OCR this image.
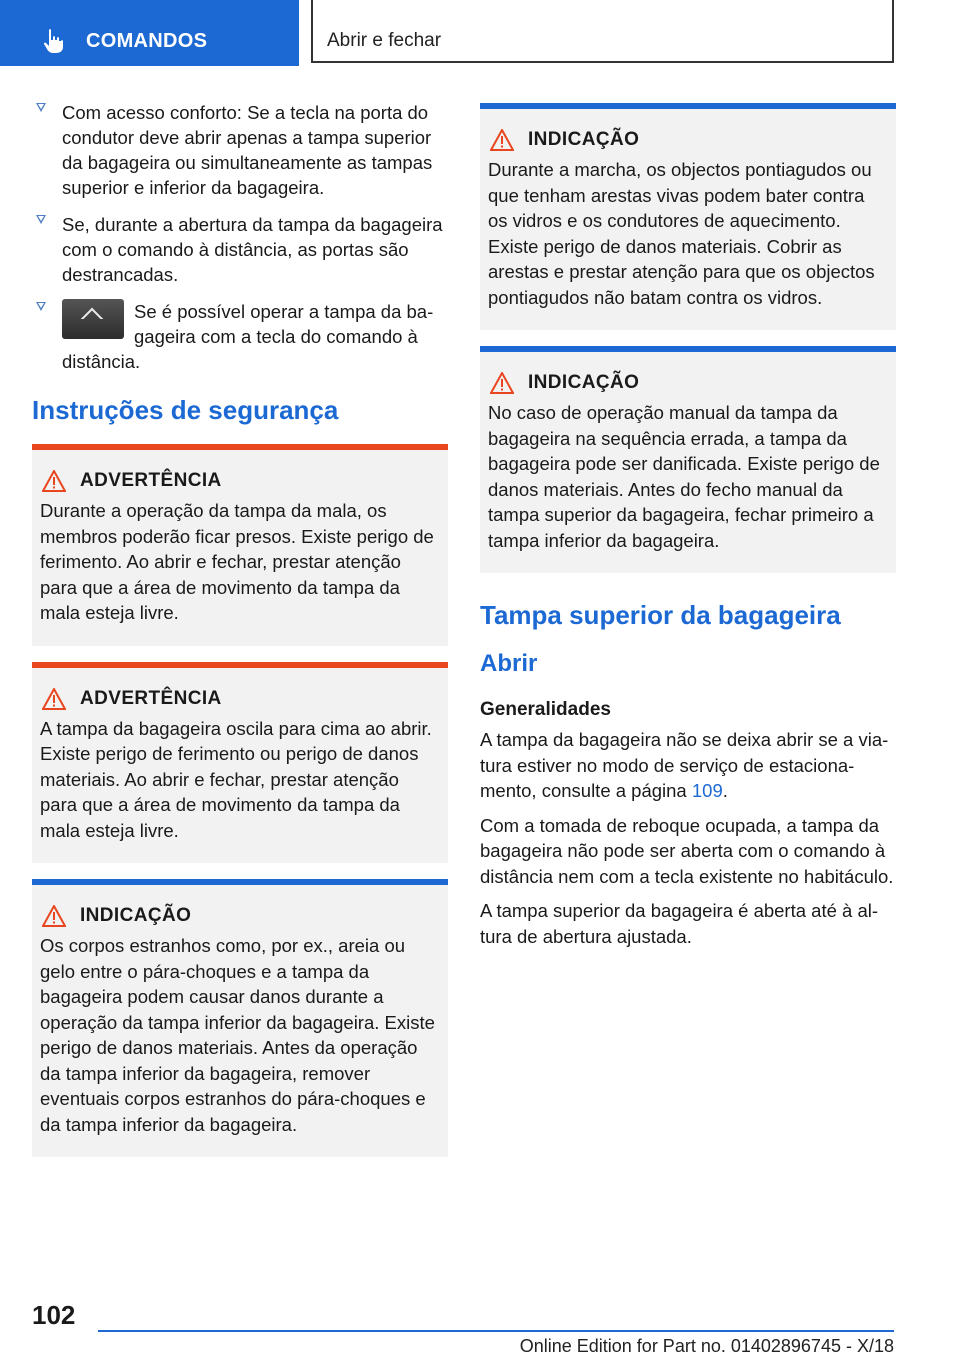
COMANDOS	Abrir e fechar
Com acesso conforto: Se a tecla na porta do condutor deve abrir apenas a tampa superior da bagageira ou simultaneamente as tampas superior e inferior da bagageira.
Se, durante a abertura da tampa da bagageira com o comando à distância, as portas são destrancadas.
Se é possível operar a tampa da ba-
gageira com a tecla do comando à
distância.
Instruções de segurança
ADVERTÊNCIA
Durante a operação da tampa da mala, os membros poderão ficar presos. Existe perigo de ferimento. Ao abrir e fechar, prestar atenção para que a área de movimento da tampa da mala esteja livre.
ADVERTÊNCIA
A tampa da bagageira oscila para cima ao abrir. Existe perigo de ferimento ou perigo de danos materiais. Ao abrir e fechar, prestar atenção para que a área de movimento da tampa da mala esteja livre.
INDICAÇÃO
Os corpos estranhos como, por ex., areia ou gelo entre o pára-choques e a tampa da bagageira podem causar danos durante a operação da tampa inferior da bagageira. Existe perigo de danos materiais. Antes da operação da tampa inferior da bagageira, remover eventuais corpos estranhos do pára-choques e da tampa inferior da bagageira.
INDICAÇÃO
Durante a marcha, os objectos pontiagudos ou que tenham arestas vivas podem bater contra os vidros e os condutores de aquecimento. Existe perigo de danos materiais. Cobrir as arestas e prestar atenção para que os objectos pontiagudos não batam contra os vidros.
INDICAÇÃO
No caso de operação manual da tampa da bagageira na sequência errada, a tampa da bagageira pode ser danificada. Existe perigo de danos materiais. Antes do fecho manual da tampa superior da bagageira, fechar primeiro a tampa inferior da bagageira.
Tampa superior da bagageira
Abrir
Generalidades

A tampa da bagageira não se deixa abrir se a viatura estiver no modo de serviço de estacionamento, consulte a página 109.

Com a tomada de reboque ocupada, a tampa da bagageira não pode ser aberta com o comando à distância nem com a tecla existente no habitáculo.

A tampa superior da bagageira é aberta até à altura de abertura ajustada.

102
Online Edition for Part no. 01402896745 - X/18
